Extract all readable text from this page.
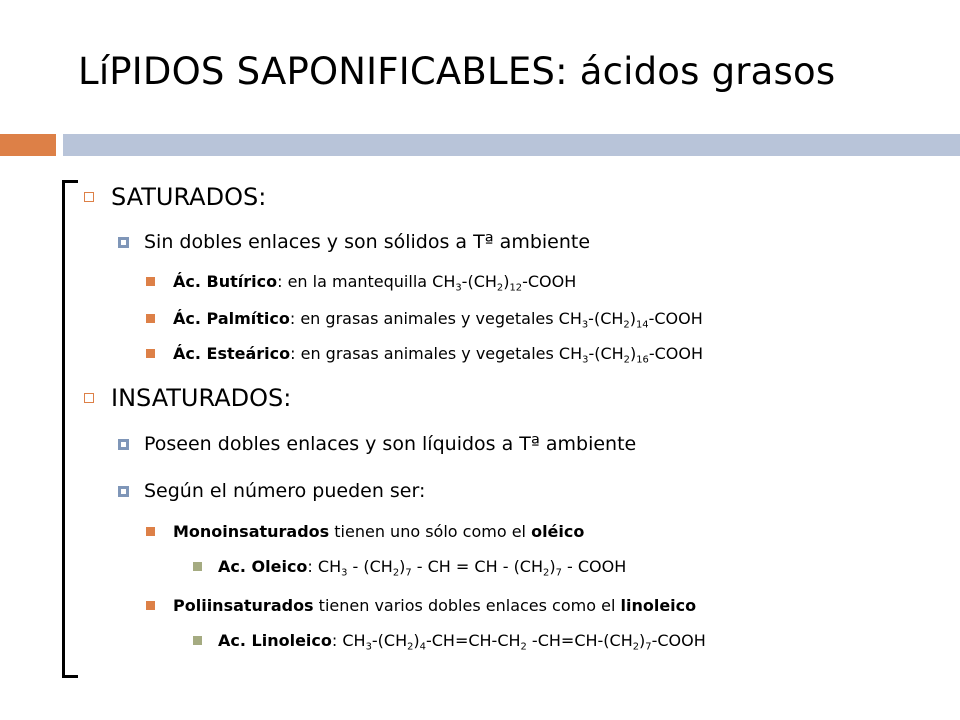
LíPIDOS SAPONIFICABLES: ácidos grasos
SATURADOS:
Sin dobles enlaces y son sólidos a Tª ambiente
Ác. Butírico: en la mantequilla $CH_3-(CH_2)_{12}$-COOH
Ác. Palmítico: en grasas animales y vegetales $CH_3-(CH_2)_{14}$-COOH
Ác. Esteárico: en grasas animales y vegetales $CH_3-(CH_2)_{16}$-COOH
INSATURADOS:
Poseen dobles enlaces y son líquidos a Tª ambiente
Según el número pueden ser:
Monoinsaturados tienen uno sólo como el oléico
Ac. Oleico: $CH_3 - (CH_2)_7$ - CH = CH - $(CH_2)_7$ - COOH
Poliinsaturados tienen varios dobles enlaces como el linoleico
Ac. Linoleico: $CH_3-(CH_2)_4-CH=CH-CH_2$ $-CH=CH-(CH_2)_7$-COOH
